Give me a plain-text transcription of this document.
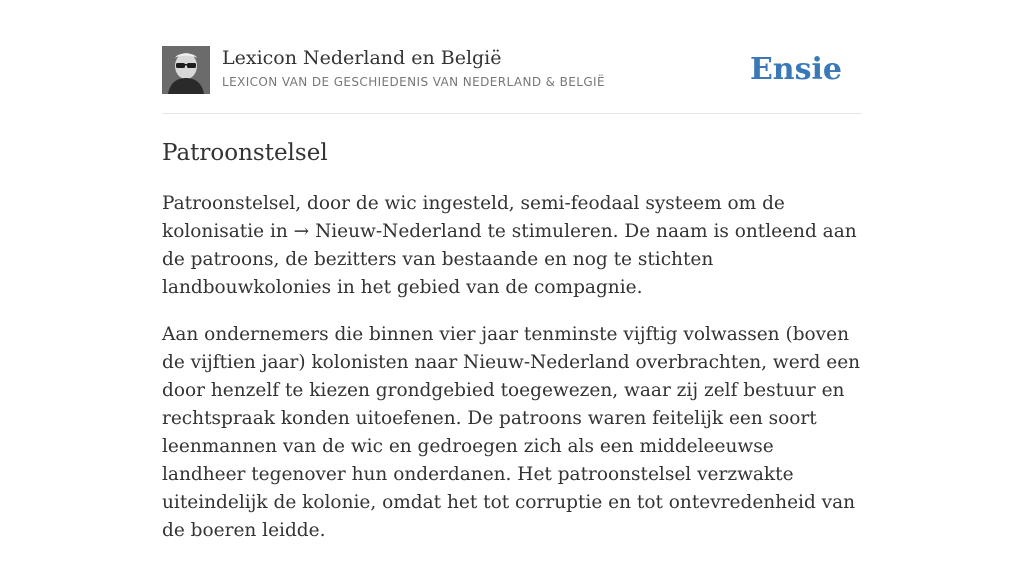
Lexicon Nederland en België
LEXICON VAN DE GESCHIEDENIS VAN NEDERLAND & BELGIË	Ensie
Patroonstelsel

Patroonstelsel, door de wic ingesteld, semi-feodaal systeem om de kolonisatie in → Nieuw-Nederland te stimuleren. De naam is ontleend aan de patroons, de bezitters van bestaande en nog te stichten landbouwkolonies in het gebied van de compagnie.

Aan ondernemers die binnen vier jaar tenminste vijftig volwassen (boven de vijftien jaar) kolonisten naar Nieuw-Nederland overbrachten, werd een door henzelf te kiezen grondgebied toegewezen, waar zij zelf bestuur en rechtspraak konden uitoefenen. De patroons waren feitelijk een soort leenmannen van de wic en gedroegen zich als een middeleeuwse landheer tegenover hun onderdanen. Het patroonstelsel verzwakte uiteindelijk de kolonie, omdat het tot corruptie en tot ontevredenheid van de boeren leidde.
